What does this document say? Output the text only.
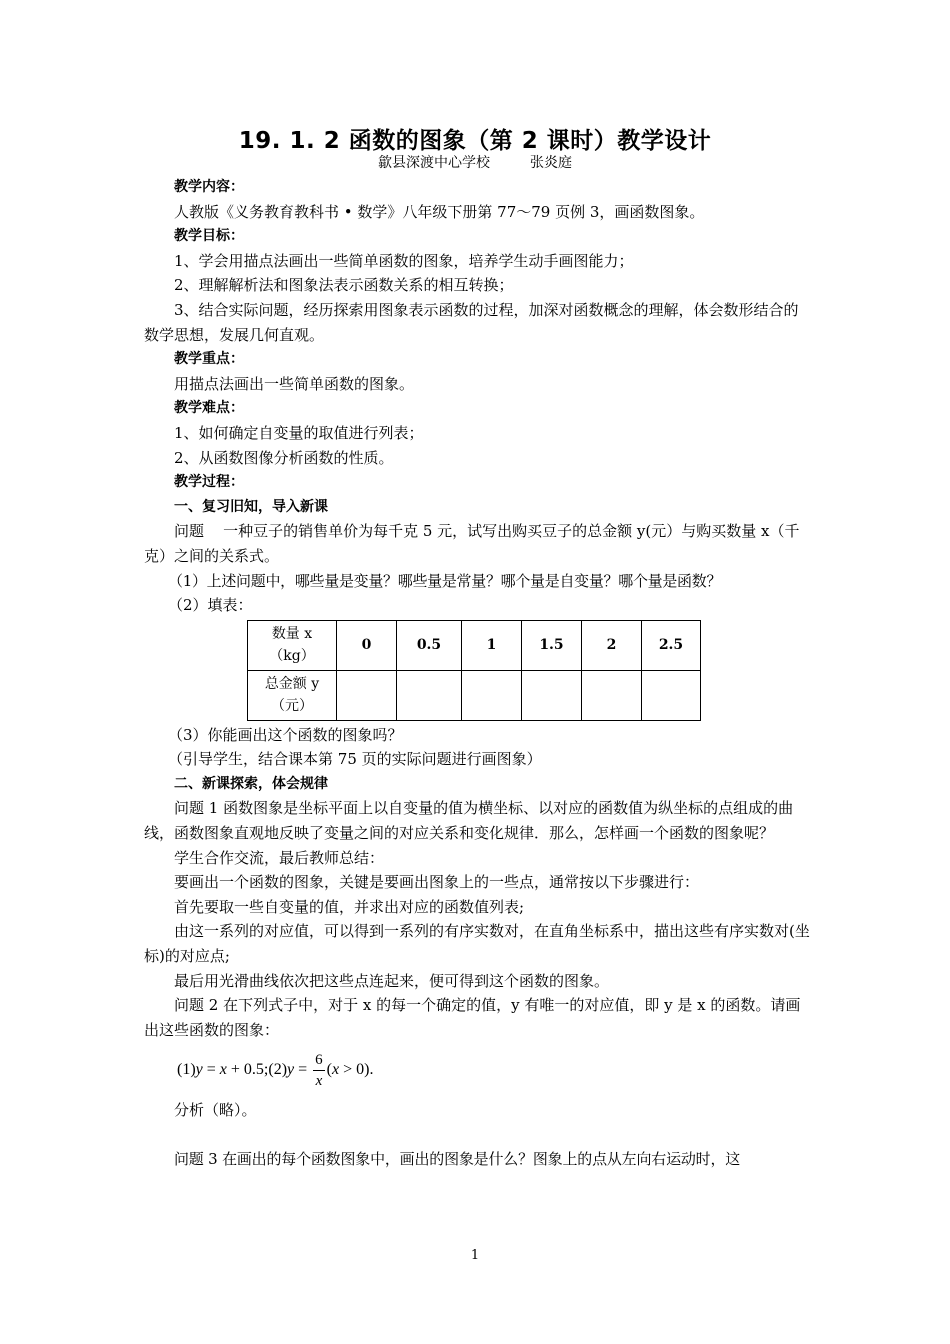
19. 1. 2 函数的图象（第 2 课时）教学设计
歙县深渡中心学校         张炎庭

教学内容：

人教版《义务教育教科书 • 数学》八年级下册第 77～79 页例 3，画函数图象。

教学目标：

1、学会用描点法画出一些简单函数的图象，培养学生动手画图能力；

2、理解解析法和图象法表示函数关系的相互转换；

3、结合实际问题，经历探索用图象表示函数的过程，加深对函数概念的理解，体会数形结合的数学思想，发展几何直观。

教学重点：

用描点法画出一些简单函数的图象。

教学难点：

1、如何确定自变量的取值进行列表；

2、从函数图像分析函数的性质。

教学过程：

一、复习旧知，导入新课

问题    一种豆子的销售单价为每千克 5 元，试写出购买豆子的总金额 y(元）与购买数量 x（千克）之间的关系式。

（1）上述问题中，哪些量是变量？哪些量是常量？哪个量是自变量？哪个量是函数？

（2）填表：

数量 x
（kg）	0	0.5	1	1.5	2	2.5

总金额 y
（元）						

（3）你能画出这个函数的图象吗？

（引导学生，结合课本第 75 页的实际问题进行画图象）

二、新课探索，体会规律

问题 1 函数图象是坐标平面上以自变量的值为横坐标、以对应的函数值为纵坐标的点组成的曲线，函数图象直观地反映了变量之间的对应关系和变化规律．那么，怎样画一个函数的图象呢？

学生合作交流，最后教师总结：

要画出一个函数的图象，关键是要画出图象上的一些点，通常按以下步骤进行：

首先要取一些自变量的值，并求出对应的函数值列表;

由这一系列的对应值，可以得到一系列的有序实数对，在直角坐标系中，描出这些有序实数对(坐标)的对应点;

最后用光滑曲线依次把这些点连起来，便可得到这个函数的图象。

问题 2 在下列式子中，对于 x 的每一个确定的值，y 有唯一的对应值，即 y 是 x 的函数。请画出这些函数的图象：

(1) y = x + 0.5;(2) $y = \frac{6}{x}$ ( x > 0).

分析（略）。

问题 3 在画出的每个函数图象中，画出的图象是什么？图象上的点从左向右运动时，这

1
